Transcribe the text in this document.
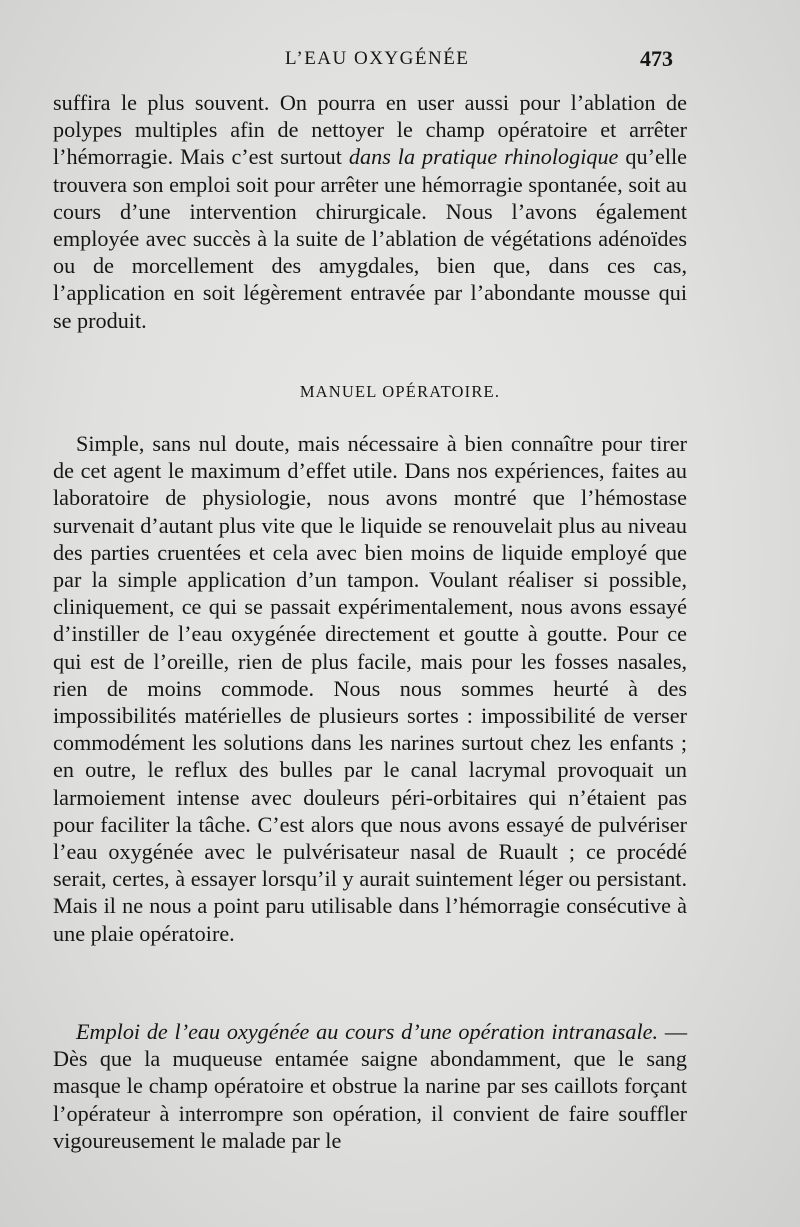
L’EAU OXYGÉNÉE	473
suffira le plus souvent. On pourra en user aussi pour l’ablation de polypes multiples afin de nettoyer le champ opératoire et arrêter l’hémorragie. Mais c’est surtout dans la pratique rhinologique qu’elle trouvera son emploi soit pour arrêter une hémorragie spontanée, soit au cours d’une intervention chirurgicale. Nous l’avons également employée avec succès à la suite de l’ablation de végétations adénoïdes ou de morcellement des amygdales, bien que, dans ces cas, l’application en soit légèrement entravée par l’abondante mousse qui se produit.
MANUEL OPÉRATOIRE.
Simple, sans nul doute, mais nécessaire à bien connaître pour tirer de cet agent le maximum d’effet utile. Dans nos expériences, faites au laboratoire de physiologie, nous avons montré que l’hémostase survenait d’autant plus vite que le liquide se renouvelait plus au niveau des parties cruentées et cela avec bien moins de liquide employé que par la simple application d’un tampon. Voulant réaliser si possible, cliniquement, ce qui se passait expérimentalement, nous avons essayé d’instiller de l’eau oxygénée directement et goutte à goutte. Pour ce qui est de l’oreille, rien de plus facile, mais pour les fosses nasales, rien de moins commode. Nous nous sommes heurté à des impossibilités matérielles de plusieurs sortes : impossibilité de verser commodément les solutions dans les narines surtout chez les enfants ; en outre, le reflux des bulles par le canal lacrymal provoquait un larmoiement intense avec douleurs péri-orbitaires qui n’étaient pas pour faciliter la tâche. C’est alors que nous avons essayé de pulvériser l’eau oxygénée avec le pulvérisateur nasal de Ruault ; ce procédé serait, certes, à essayer lorsqu’il y aurait suintement léger ou persistant. Mais il ne nous a point paru utilisable dans l’hémorragie consécutive à une plaie opératoire.
Emploi de l’eau oxygénée au cours d’une opération intranasale. — Dès que la muqueuse entamée saigne abondamment, que le sang masque le champ opératoire et obstrue la narine par ses caillots forçant l’opérateur à interrompre son opération, il convient de faire souffler vigoureusement le malade par le
